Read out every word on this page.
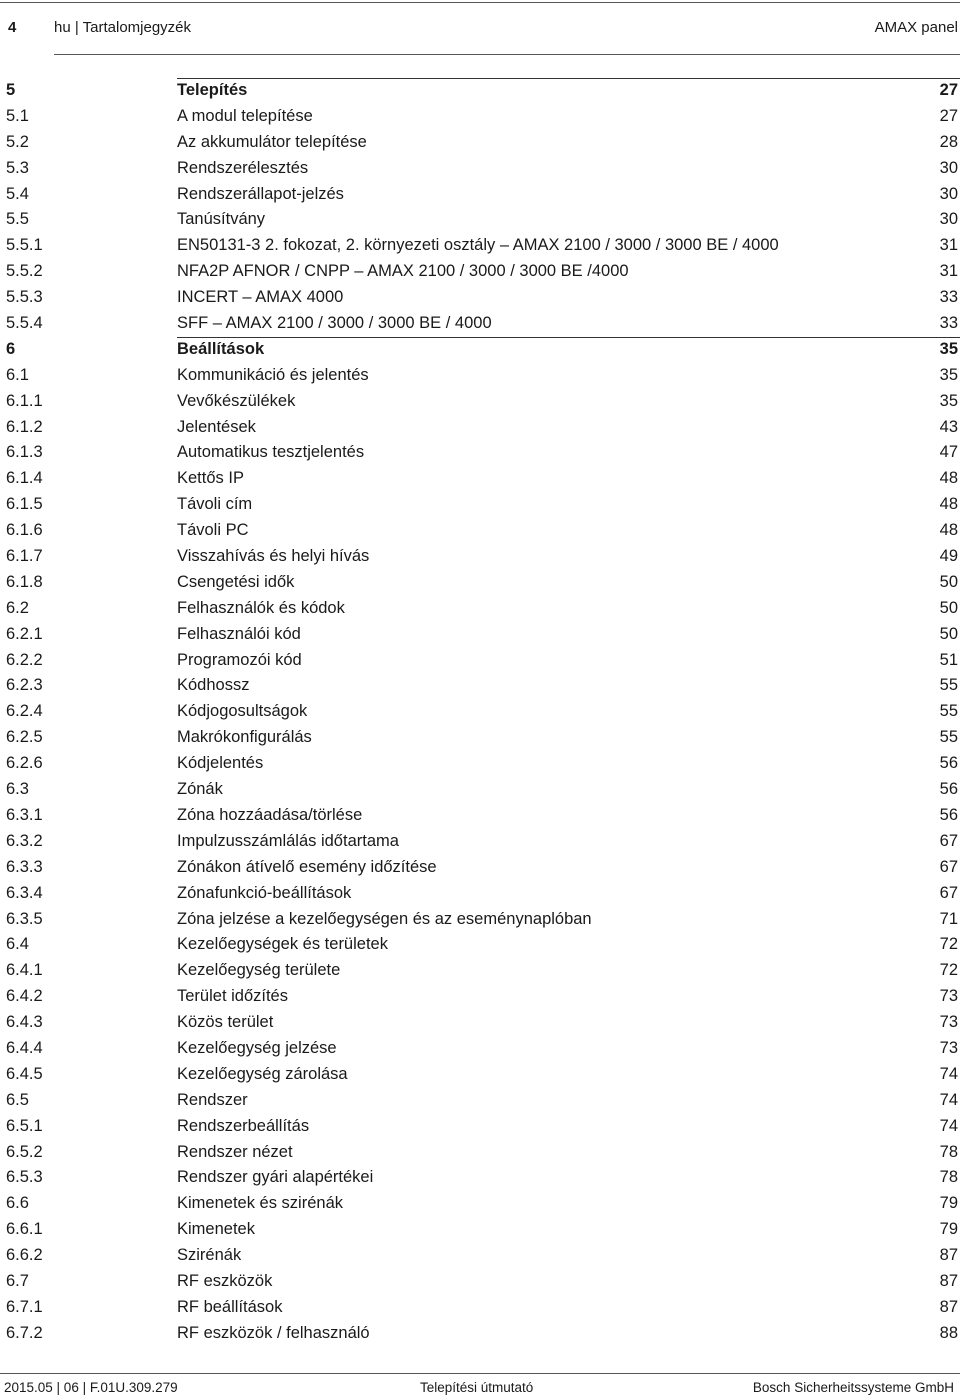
4	hu | Tartalomjegyzék	AMAX panel
5	Telepítés	27
5.1	A modul telepítése	27
5.2	Az akkumulátor telepítése	28
5.3	Rendszerélesztés	30
5.4	Rendszerállapot-jelzés	30
5.5	Tanúsítvány	30
5.5.1	EN50131-3 2. fokozat, 2. környezeti osztály – AMAX 2100 / 3000 / 3000 BE / 4000	31
5.5.2	NFA2P AFNOR / CNPP – AMAX 2100 / 3000 / 3000 BE /4000	31
5.5.3	INCERT – AMAX 4000	33
5.5.4	SFF – AMAX 2100 / 3000 / 3000 BE / 4000	33
6	Beállítások	35
6.1	Kommunikáció és jelentés	35
6.1.1	Vevőkészülékek	35
6.1.2	Jelentések	43
6.1.3	Automatikus tesztjelentés	47
6.1.4	Kettős IP	48
6.1.5	Távoli cím	48
6.1.6	Távoli PC	48
6.1.7	Visszahívás és helyi hívás	49
6.1.8	Csengetési idők	50
6.2	Felhasználók és kódok	50
6.2.1	Felhasználói kód	50
6.2.2	Programozói kód	51
6.2.3	Kódhossz	55
6.2.4	Kódjogosultságok	55
6.2.5	Makrókonfigurálás	55
6.2.6	Kódjelentés	56
6.3	Zónák	56
6.3.1	Zóna hozzáadása/törlése	56
6.3.2	Impulzusszámlálás időtartama	67
6.3.3	Zónákon átívelő esemény időzítése	67
6.3.4	Zónafunkció-beállítások	67
6.3.5	Zóna jelzése a kezelőegységen és az eseménynaplóban	71
6.4	Kezelőegységek és területek	72
6.4.1	Kezelőegység területe	72
6.4.2	Terület időzítés	73
6.4.3	Közös terület	73
6.4.4	Kezelőegység jelzése	73
6.4.5	Kezelőegység zárolása	74
6.5	Rendszer	74
6.5.1	Rendszerbeállítás	74
6.5.2	Rendszer nézet	78
6.5.3	Rendszer gyári alapértékei	78
6.6	Kimenetek és szirénák	79
6.6.1	Kimenetek	79
6.6.2	Szirénák	87
6.7	RF eszközök	87
6.7.1	RF beállítások	87
6.7.2	RF eszközök / felhasználó	88
2015.05 | 06 | F.01U.309.279	Telepítési útmutató	Bosch Sicherheitssysteme GmbH
